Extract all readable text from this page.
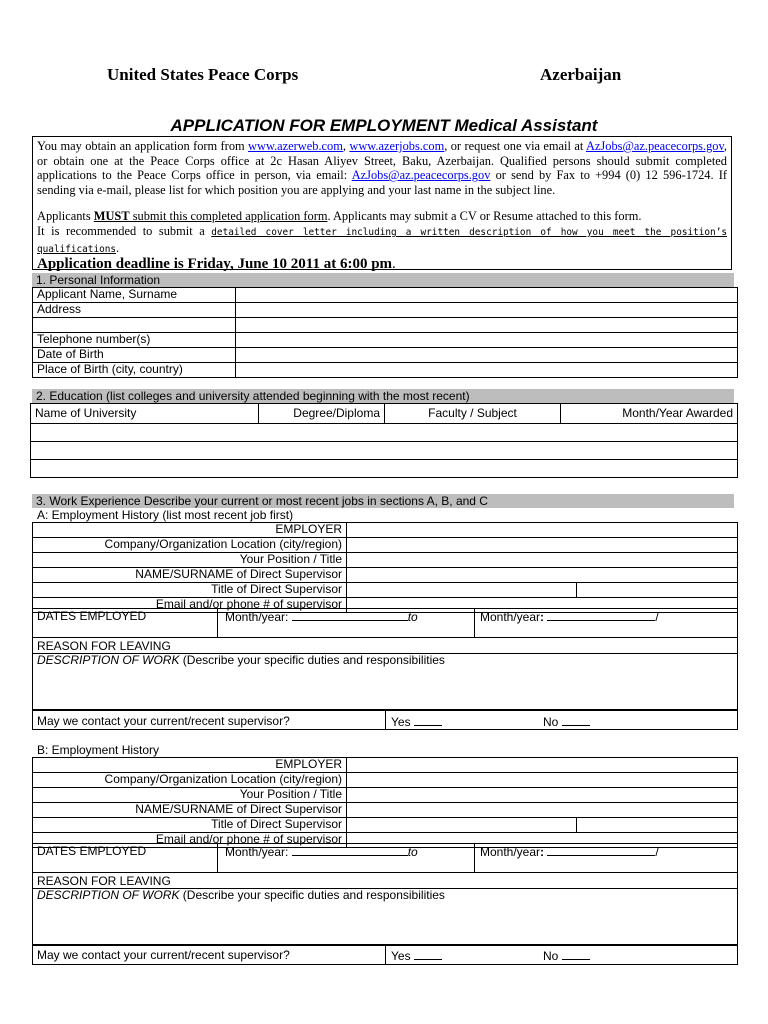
United States Peace Corps	Azerbaijan
APPLICATION FOR EMPLOYMENT Medical Assistant

You may obtain an application form from www.azerweb.com, www.azerjobs.com, or request one via email at AzJobs@az.peacecorps.gov, or obtain one at the Peace Corps office at 2c Hasan Aliyev Street, Baku, Azerbaijan. Qualified persons should submit completed applications to the Peace Corps office in person, via email: AzJobs@az.peacecorps.gov or send by Fax to +994 (0) 12 596-1724. If sending via e-mail, please list for which position you are applying and your last name in the subject line.

Applicants MUST submit this completed application form. Applicants may submit a CV or Resume attached to this form.

It is recommended to submit a detailed cover letter including a written description of how you meet the position’s qualifications.

Application deadline is Friday, June 10 2011 at 6:00 pm.

1. Personal Information
Applicant Name, Surname	
Address	

Telephone number(s)	
Date of Birth	
Place of Birth (city, country)	
2. Education (list colleges and university attended beginning with the most recent)
Name of University	Degree/Diploma	Faculty / Subject	Month/Year Awarded

3. Work Experience Describe your current or most recent jobs in sections A, B, and C
A: Employment History (list most recent job first)
EMPLOYER		
Company/Organization Location (city/region)		
Your Position / Title		
NAME/SURNAME of Direct Supervisor		
Title of Direct Supervisor		
Email and/or phone # of supervisor		
DATES EMPLOYED	Month/year:	to	Month/year:	/
REASON FOR LEAVING
DESCRIPTION OF WORK (Describe your specific duties and responsibilities
May we contact your current/recent supervisor?	Yes	No
B: Employment History
EMPLOYER		
Company/Organization Location (city/region)		
Your Position / Title		
NAME/SURNAME of Direct Supervisor		
Title of Direct Supervisor		
Email and/or phone # of supervisor		
DATES EMPLOYED	Month/year:	to	Month/year:	/
REASON FOR LEAVING
DESCRIPTION OF WORK (Describe your specific duties and responsibilities
May we contact your current/recent supervisor?	Yes	No
